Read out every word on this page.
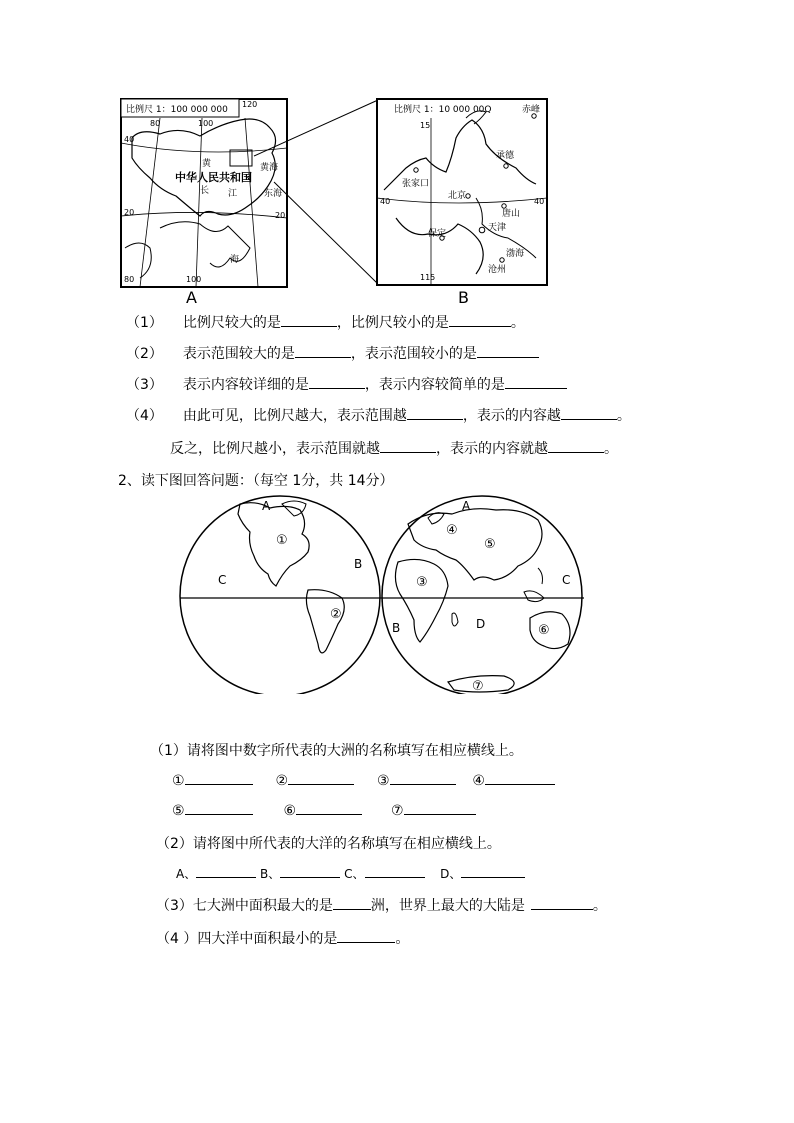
比例尺 1：100 000 000
80	100
120
40
20	20
100
80
中华人民共和国
黄海
东海
黄
长 江
海
A
比例尺 1：10 000 00Q
15
40	40
115
赤峰
承德
张家口
北京
唐山
天津
保定
渤海
沧州
B
（1） 比例尺较大的是	，比例尺较小的是	。
（2） 表示范围较大的是	，表示范围较小的是
（3） 表示内容较详细的是	，表示内容较简单的是
（4） 由此可见，比例尺越大，表示范围越	，表示的内容越	。
反之，比例尺越小，表示范围就越	，表示的内容就越	。
2、读下图回答问题：（每空 1分，共 14分）
A
B
C
A
B
C
D
①
②
③
④
⑤
⑥
⑦
（1）请将图中数字所代表的大洲的名称填写在相应横线上。
①	②	③	④
⑤	⑥	⑦
（2）请将图中所代表的大洋的名称填写在相应横线上。
A、	B、	C、	D、
（3）七大洲中面积最大的是	洲，世界上最大的大陆是	。
（4 ）四大洋中面积最小的是	。
